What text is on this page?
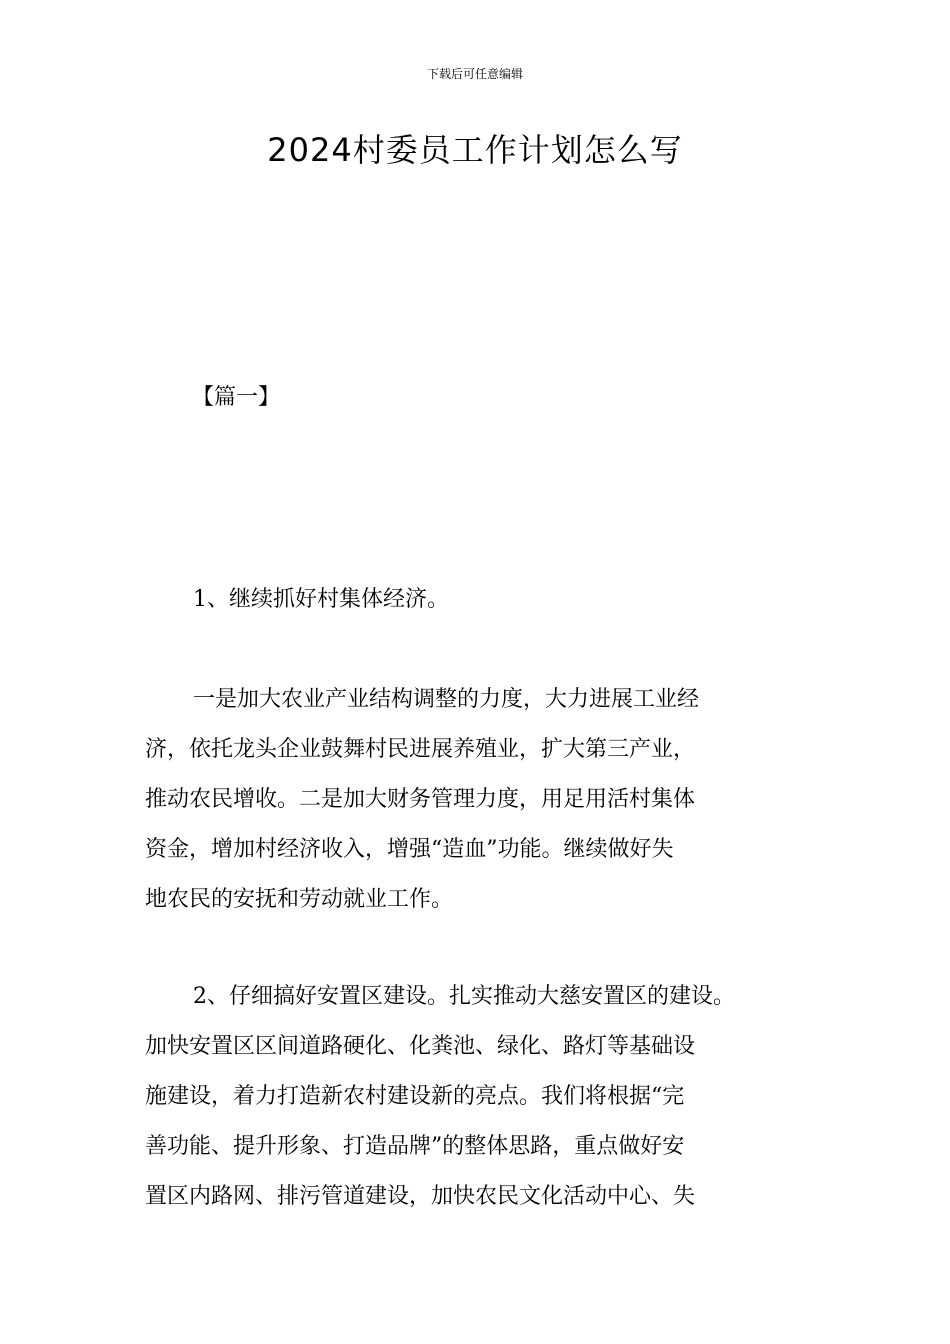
下载后可任意编辑
2024村委员工作计划怎么写
【篇一】

1、继续抓好村集体经济。

一是加大农业产业结构调整的力度，大力进展工业经
济，依托龙头企业鼓舞村民进展养殖业，扩大第三产业，
推动农民增收。二是加大财务管理力度，用足用活村集体
资金，增加村经济收入，增强“造血”功能。继续做好失
地农民的安抚和劳动就业工作。

2、仔细搞好安置区建设。扎实推动大慈安置区的建设。
加快安置区区间道路硬化、化粪池、绿化、路灯等基础设
施建设，着力打造新农村建设新的亮点。我们将根据“完
善功能、提升形象、打造品牌”的整体思路，重点做好安
置区内路网、排污管道建设，加快农民文化活动中心、失
